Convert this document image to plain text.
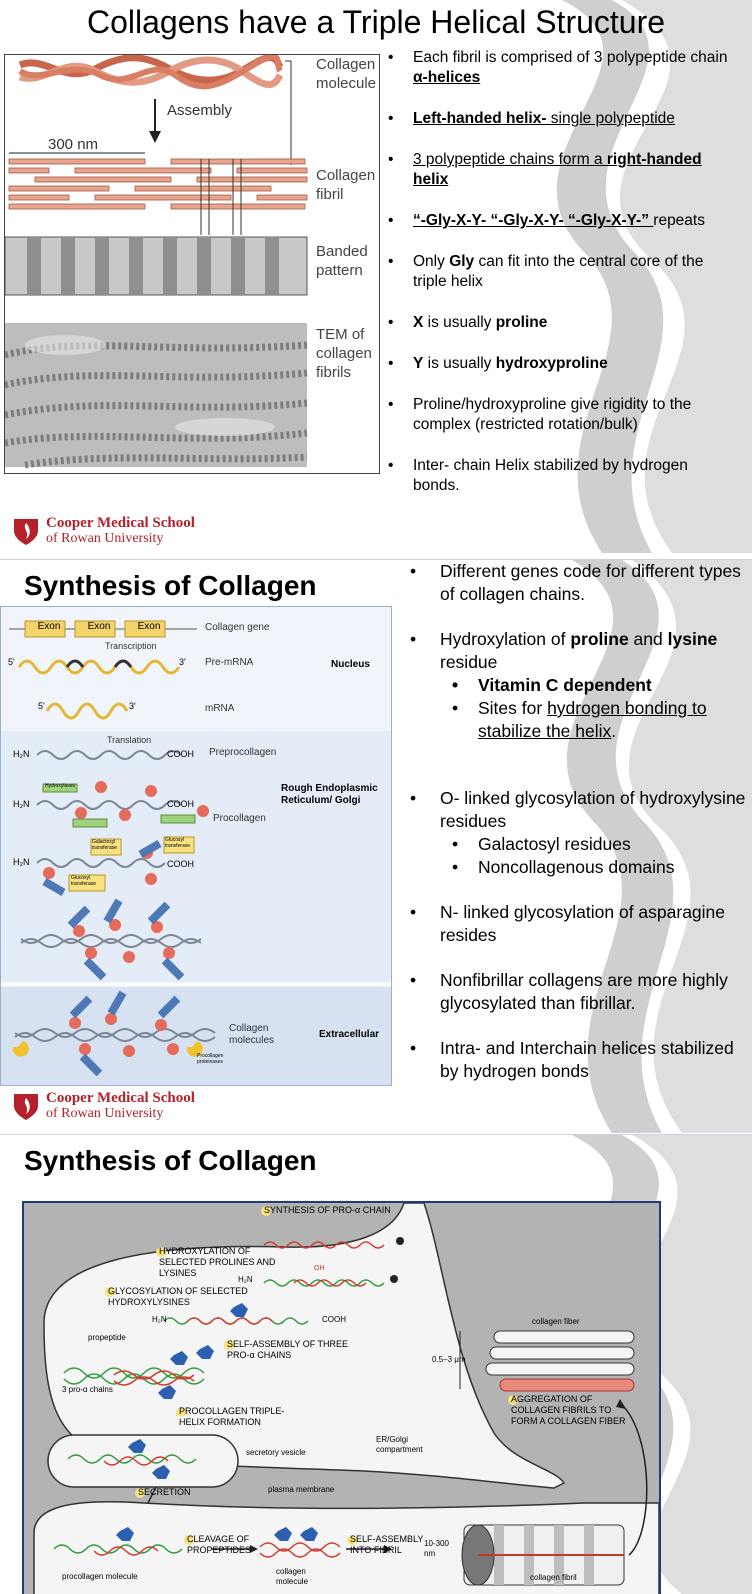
Collagens have a Triple Helical Structure
Collagen molecule
Assembly
300 nm
Collagen fibril
Banded pattern
TEM of collagen fibrils
• Each fibril is comprised of 3 polypeptide chain α-helices
• Left-handed helix- single polypeptide
• 3 polypeptide chains form a right-handed helix
• “-Gly-X-Y- “-Gly-X-Y- “-Gly-X-Y-” repeats
• Only Gly can fit into the central core of the triple helix
• X is usually proline
• Y is usually hydroxyproline
• Proline/hydroxyproline give rigidity to the complex (restricted rotation/bulk)
• Inter- chain Helix stabilized by hydrogen bonds.
Cooper Medical School
of Rowan University
Synthesis of Collagen
Exon	Exon	Exon	Collagen gene
Transcription
5'	3' Pre-mRNA	Nucleus
5'	3'	mRNA
Translation
H₂N	COOH Preprocollagen
Rough Endoplasmic Reticulum/ Golgi
Hydroxylases
H₂N	COOH
Procollagen
Galactosyl transferase
Glucosyl transferase
Glucosyl transferase
H₂N	COOH
Collagen molecules
Procollagen proteinases
Extracellular
• Different genes code for different types of collagen chains.
• Hydroxylation of proline and lysine residue
• Vitamin C dependent
• Sites for hydrogen bonding to stabilize the helix.
• O- linked glycosylation of hydroxylysine residues
• Galactosyl residues
• Noncollagenous domains
• N- linked glycosylation of asparagine resides
• Nonfibrillar collagens are more highly glycosylated than fibrillar.
• Intra- and Interchain helices stabilized by hydrogen bonds
Cooper Medical School
of Rowan University
Synthesis of Collagen
SYNTHESIS OF PRO-α CHAIN
HYDROXYLATION OF SELECTED PROLINES AND LYSINES
GLYCOSYLATION OF SELECTED HYDROXYLYSINES
SELF-ASSEMBLY OF THREE PRO-α CHAINS
PROCOLLAGEN TRIPLE-HELIX FORMATION
SECRETION
CLEAVAGE OF PROPEPTIDES
SELF-ASSEMBLY INTO FIBRIL
AGGREGATION OF COLLAGEN FIBRILS TO FORM A COLLAGEN FIBER
H₂N
H₂N	COOH
OH
propeptide
3 pro-α chains
secretory vesicle
ER/Golgi compartment
plasma membrane
collagen fiber
0.5–3 μm
procollagen molecule
collagen molecule
10-300 nm
collagen fibril
